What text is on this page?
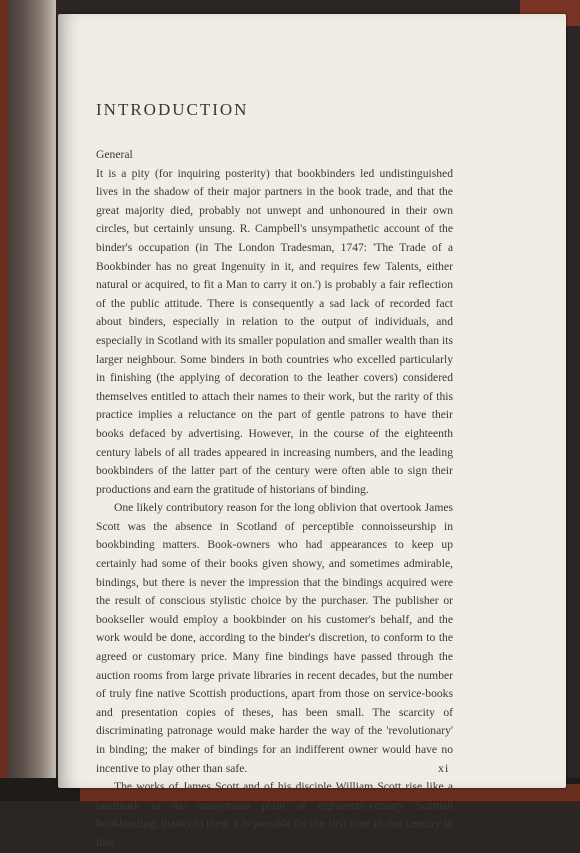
INTRODUCTION

General

It is a pity (for inquiring posterity) that bookbinders led undistinguished lives in the shadow of their major partners in the book trade, and that the great majority died, probably not unwept and unhonoured in their own circles, but certainly unsung. R. Campbell's unsympathetic account of the binder's occupation (in The London Tradesman, 1747: 'The Trade of a Bookbinder has no great Ingenuity in it, and requires few Talents, either natural or acquired, to fit a Man to carry it on.') is probably a fair reflection of the public attitude. There is consequently a sad lack of recorded fact about binders, especially in relation to the output of individuals, and especially in Scotland with its smaller population and smaller wealth than its larger neighbour. Some binders in both countries who excelled particularly in finishing (the applying of decoration to the leather covers) considered themselves entitled to attach their names to their work, but the rarity of this practice implies a reluctance on the part of gentle patrons to have their books defaced by advertising. However, in the course of the eighteenth century labels of all trades appeared in increasing numbers, and the leading bookbinders of the latter part of the century were often able to sign their productions and earn the gratitude of historians of binding.

One likely contributory reason for the long oblivion that overtook James Scott was the absence in Scotland of perceptible connoisseurship in bookbinding matters. Book-owners who had appearances to keep up certainly had some of their books given showy, and sometimes admirable, bindings, but there is never the impression that the bindings acquired were the result of conscious stylistic choice by the purchaser. The publisher or bookseller would employ a bookbinder on his customer's behalf, and the work would be done, according to the binder's discretion, to conform to the agreed or customary price. Many fine bindings have passed through the auction rooms from large private libraries in recent decades, but the number of truly fine native Scottish productions, apart from those on service-books and presentation copies of theses, has been small. The scarcity of discriminating patronage would make harder the way of the 'revolutionary' in binding; the maker of bindings for an indifferent owner would have no incentive to play other than safe.

The works of James Scott and of his disciple William Scott rise like a landmark in the anonymous plain of eighteenth-century Scottish bookbinding; thanks to them it is possible for the first time in that century to link

xi
